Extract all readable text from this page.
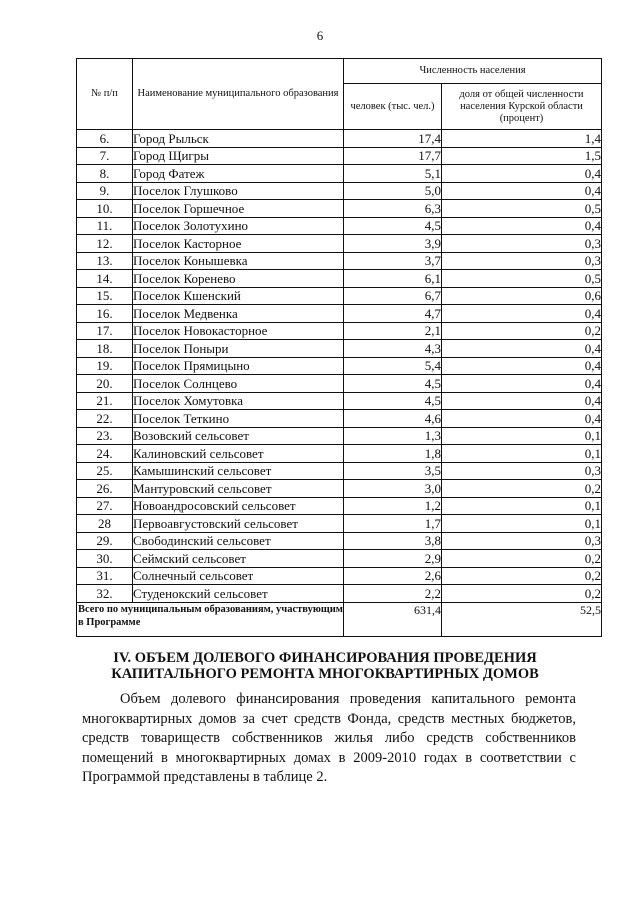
6
№ п/п	Наименование муниципального образования	Численность населения	
		человек (тыс. чел.)	доля от общей численности населения Курской области (процент)
6.	Город Рыльск	17,4	1,4
7.	Город Щигры	17,7	1,5
8.	Город Фатеж	5,1	0,4
9.	Поселок Глушково	5,0	0,4
10.	Поселок Горшечное	6,3	0,5
11.	Поселок Золотухино	4,5	0,4
12.	Поселок Касторное	3,9	0,3
13.	Поселок Конышевка	3,7	0,3
14.	Поселок Коренево	6,1	0,5
15.	Поселок Кшенский	6,7	0,6
16.	Поселок Медвенка	4,7	0,4
17.	Поселок Новокасторное	2,1	0,2
18.	Поселок Поныри	4,3	0,4
19.	Поселок Прямицыно	5,4	0,4
20.	Поселок Солнцево	4,5	0,4
21.	Поселок Хомутовка	4,5	0,4
22.	Поселок Теткино	4,6	0,4
23.	Возовский сельсовет	1,3	0,1
24.	Калиновский сельсовет	1,8	0,1
25.	Камышинский сельсовет	3,5	0,3
26.	Мантуровский сельсовет	3,0	0,2
27.	Новоандросовский сельсовет	1,2	0,1
28	Первоавгустовский сельсовет	1,7	0,1
29.	Свободинский сельсовет	3,8	0,3
30.	Сеймский сельсовет	2,9	0,2
31.	Солнечный сельсовет	2,6	0,2
32.	Студенокский сельсовет	2,2	0,2
Всего по муниципальным образованиям, участвующим в Программе		631,4	52,5
IV. ОБЪЕМ ДОЛЕВОГО ФИНАНСИРОВАНИЯ ПРОВЕДЕНИЯ КАПИТАЛЬНОГО РЕМОНТА МНОГОКВАРТИРНЫХ ДОМОВ

Объем долевого финансирования проведения капитального ремонта многоквартирных домов за счет средств Фонда, средств местных бюджетов, средств товариществ собственников жилья либо средств собственников помещений в многоквартирных домах в 2009-2010 годах в соответствии с Программой представлены в таблице 2.
